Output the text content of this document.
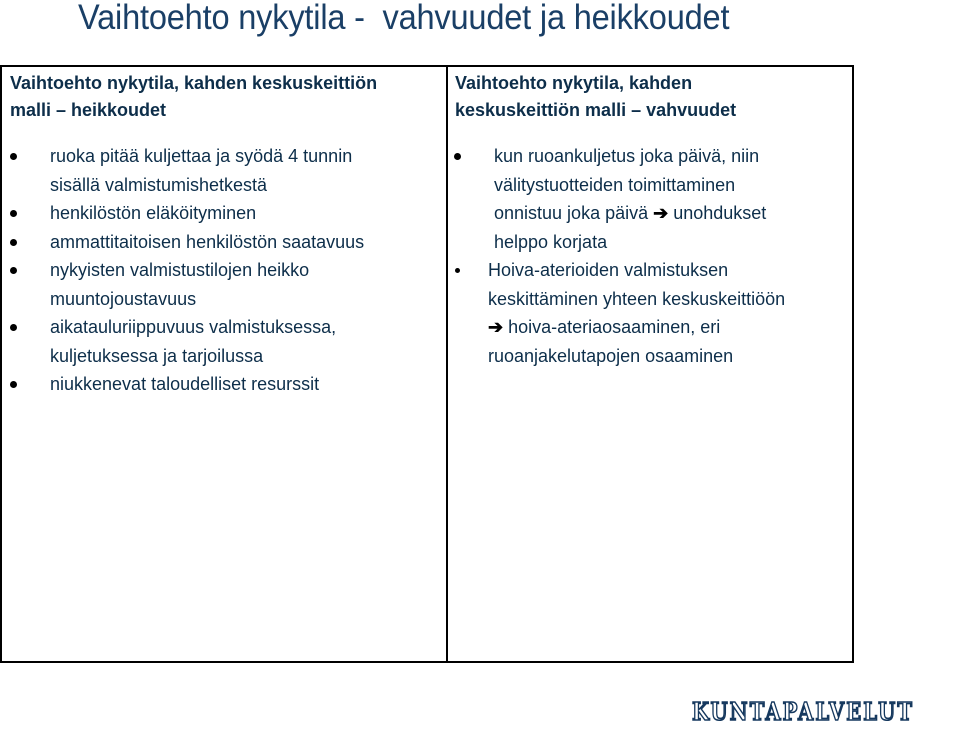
Vaihtoehto nykytila -  vahvuudet ja heikkoudet
Vaihtoehto nykytila, kahden keskuskeittiön
malli – heikkoudet
ruoka pitää kuljettaa ja syödä 4 tunnin
sisällä valmistumishetkestä
henkilöstön eläköityminen
ammattitaitoisen henkilöstön saatavuus
nykyisten valmistustilojen heikko
muuntojoustavuus
aikatauluriippuvuus valmistuksessa,
kuljetuksessa ja tarjoilussa
niukkenevat taloudelliset resurssit
Vaihtoehto nykytila, kahden
keskuskeittiön malli – vahvuudet
kun ruoankuljetus joka päivä, niin
välitystuotteiden toimittaminen
onnistuu joka päivä ➔ unohdukset
helppo korjata
Hoiva-aterioiden valmistuksen
keskittäminen yhteen keskuskeittiöön
➔ hoiva-ateriaosaaminen, eri
ruoanjakelutapojen osaaminen
KUNTAPALVELUT
